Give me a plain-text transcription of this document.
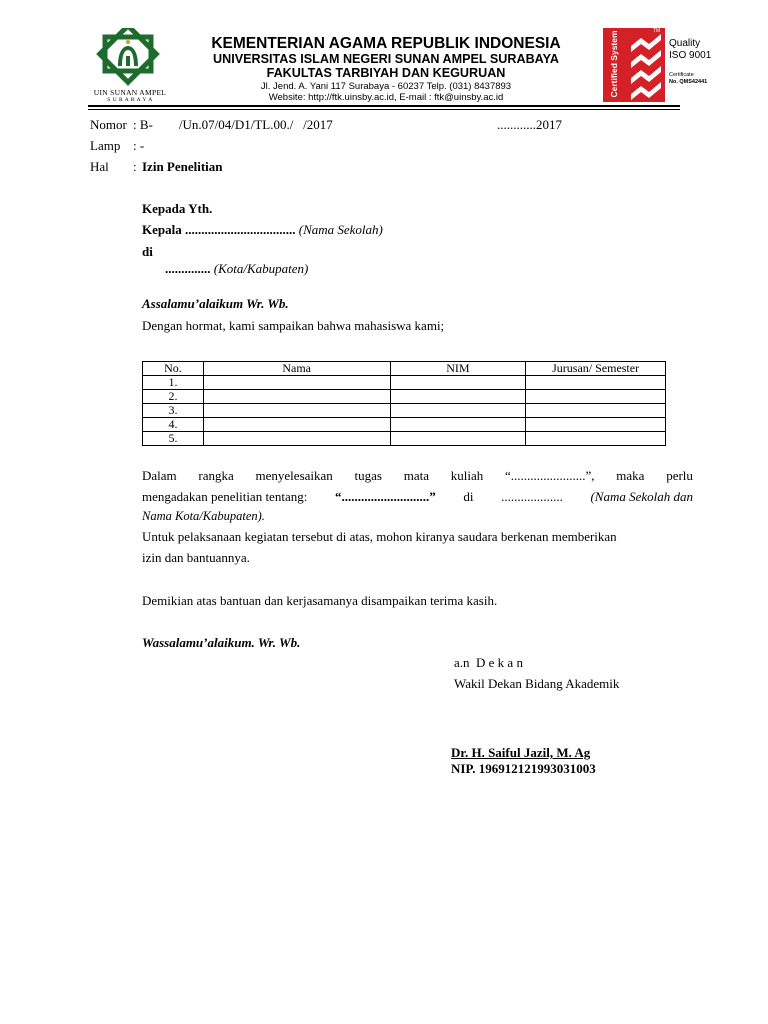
UIN SUNAN AMPEL
S U R A B A Y A
KEMENTERIAN AGAMA REPUBLIK INDONESIA
UNIVERSITAS ISLAM NEGERI SUNAN AMPEL SURABAYA
FAKULTAS TARBIYAH DAN KEGURUAN
Jl. Jend. A. Yani 117 Surabaya - 60237 Telp. (031) 8437893
Website: http://ftk.uinsby.ac.id, E-mail : ftk@uinsby.ac.id	Certified System	TM
Quality
ISO 9001
Certificate
No. QMS42441
Nomor : B-        /Un.07/04/D1/TL.00./   /2017	............2017
Lamp : -
Hal : Izin Penelitian
Kepada Yth.
Kepala .................................. (Nama Sekolah)
di
.............. (Kota/Kabupaten)
Assalamu’alaikum Wr. Wb.
Dengan hormat, kami sampaikan bahwa mahasiswa kami;
No.	Nama	NIM	Jurusan/ Semester
1.			
2.			
3.			
4.			
5.			
Dalam rangka menyelesaikan tugas mata kuliah “.......................”, maka perlu
mengadakan penelitian tentang: “...........................” di ................... (Nama Sekolah dan
Nama Kota/Kabupaten).
Untuk pelaksanaan kegiatan tersebut di atas, mohon kiranya saudara berkenan memberikan
izin dan bantuannya.
Demikian atas bantuan dan kerjasamanya disampaikan terima kasih.
Wassalamu’alaikum. Wr. Wb.
a.n  D e k a n
Wakil Dekan Bidang Akademik
Dr. H. Saiful Jazil, M. Ag
NIP. 196912121993031003
